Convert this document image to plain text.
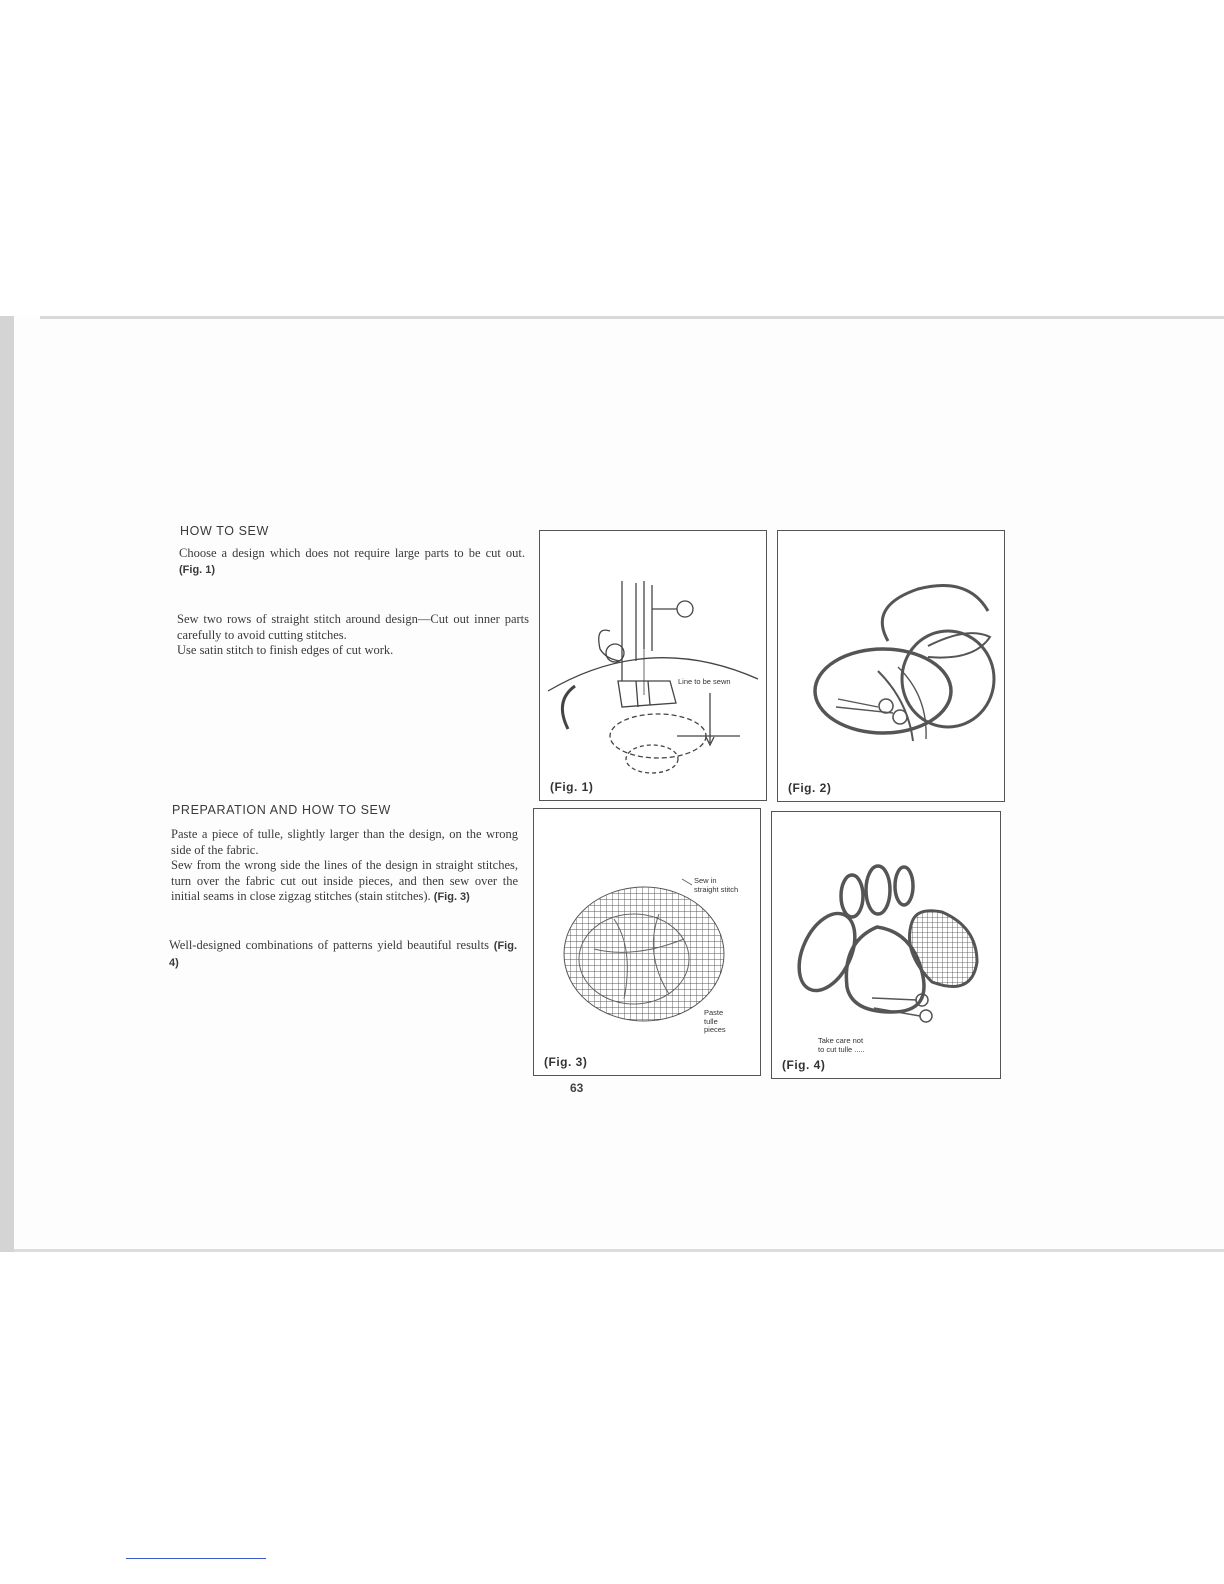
HOW TO SEW

Choose a design which does not require large parts to be cut out. (Fig. 1)

Sew two rows of straight stitch around design—Cut out inner parts carefully to avoid cutting stitches.
Use satin stitch to finish edges of cut work.

PREPARATION AND HOW TO SEW

Paste a piece of tulle, slightly larger than the design, on the wrong side of the fabric.
Sew from the wrong side the lines of the design in straight stitches, turn over the fabric cut out inside pieces, and then sew over the initial seams in close zigzag stitches (stain stitches). (Fig. 3)

Well-designed combinations of patterns yield beautiful results (Fig. 4)

Line to be sewn
(Fig. 1)	(Fig. 2)
Sew in
straight stitch
Paste
tulle
pieces
(Fig. 3)
Take care not
to cut tulle .....
(Fig. 4)
63
